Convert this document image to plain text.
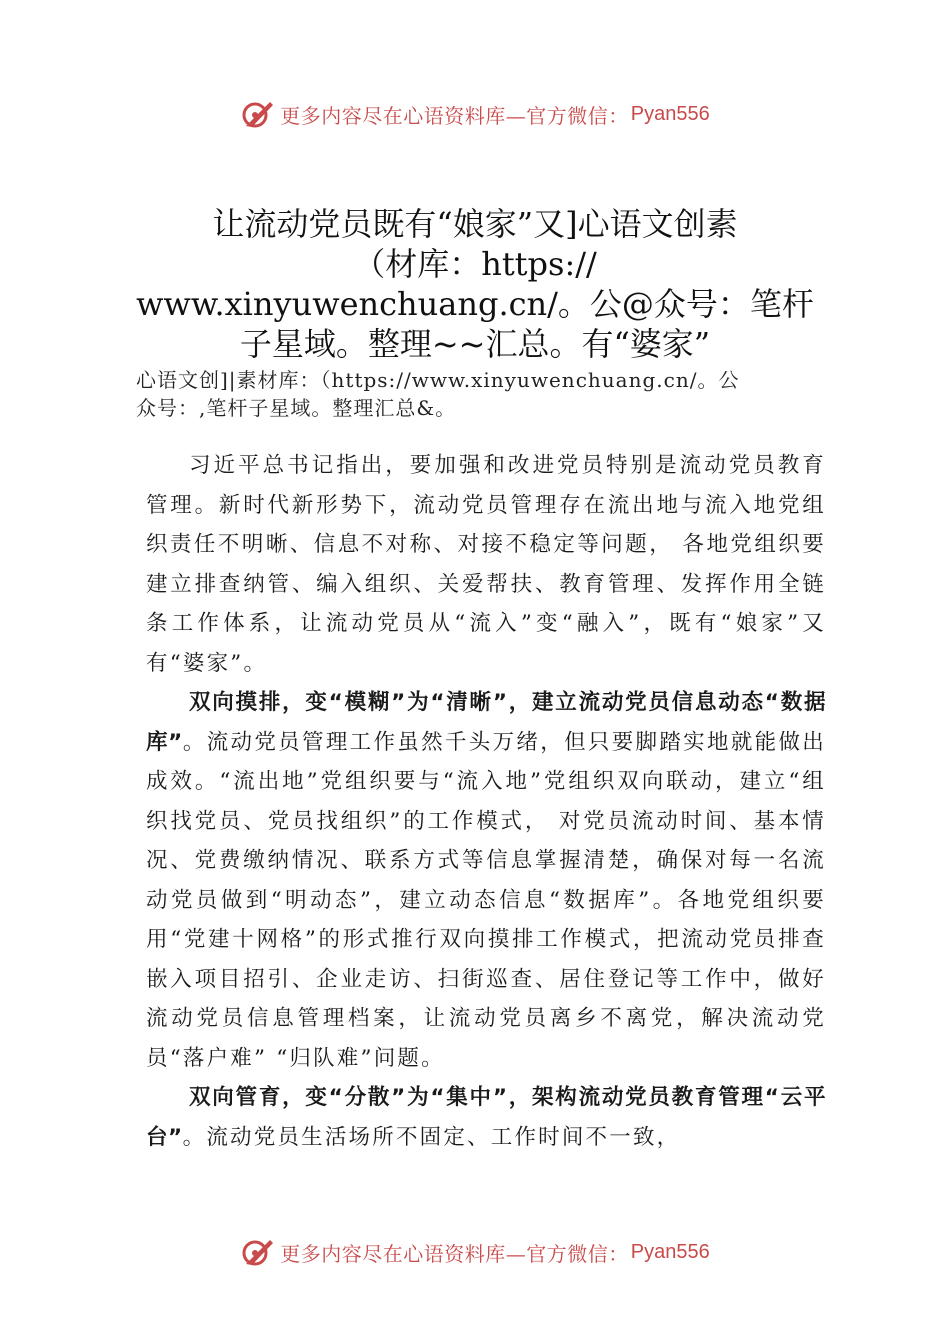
更多内容尽在心语资料库—官方微信： Pyan556
让流动党员既有“娘家”又]心语文创素
（材库：https://
www.xinyuwenchuang.cn/。公@众号：笔杆
子星域。整理~~汇总。有“婆家”
心语文创]|素材库：（https://www.xinyuwenchuang.cn/。公
众号：,笔杆子星域。整理汇总&。

习近平总书记指出，要加强和改进党员特别是流动党员教育管理。新时代新形势下，流动党员管理存在流出地与流入地党组织责任不明晰、信息不对称、对接不稳定等问题， 各地党组织要建立排查纳管、编入组织、关爱帮扶、教育管理、发挥作用全链条工作体系，让流动党员从“流入”变“融入”，既有“娘家”又有“婆家”。

双向摸排，变“模糊”为“清晰”，建立流动党员信息动态“数据库”。流动党员管理工作虽然千头万绪，但只要脚踏实地就能做出成效。“流出地”党组织要与“流入地”党组织双向联动，建立“组织找党员、党员找组织”的工作模式， 对党员流动时间、基本情况、党费缴纳情况、联系方式等信息掌握清楚，确保对每一名流动党员做到“明动态”，建立动态信息“数据库”。各地党组织要用“党建十网格”的形式推行双向摸排工作模式，把流动党员排查嵌入项目招引、企业走访、扫街巡查、居住登记等工作中，做好流动党员信息管理档案，让流动党员离乡不离党，解决流动党员“落户难” “归队难”问题。

双向管育，变“分散”为“集中”，架构流动党员教育管理“云平台”。流动党员生活场所不固定、工作时间不一致，

更多内容尽在心语资料库—官方微信： Pyan556
